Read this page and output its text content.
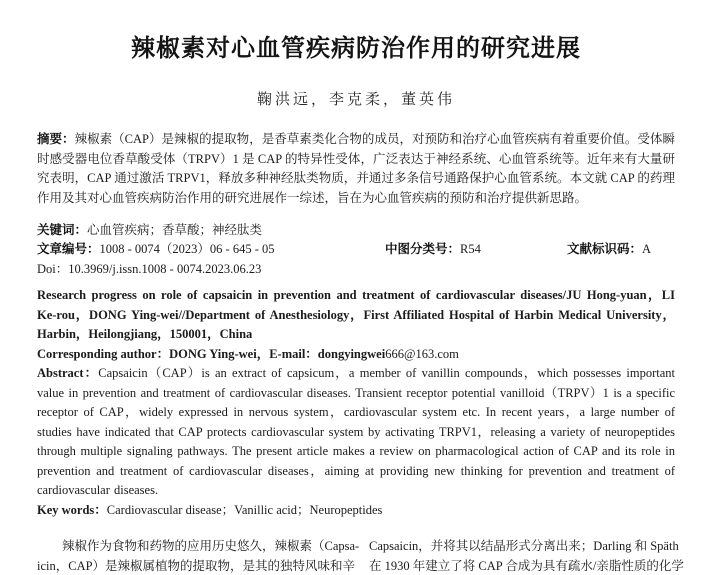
辣椒素对心血管疾病防治作用的研究进展
鞠洪远，李克柔，董英伟

摘要：辣椒素（CAP）是辣椒的提取物，是香草素类化合物的成员，对预防和治疗心血管疾病有着重要价值。受体瞬时感受器电位香草酸受体（TRPV）1 是 CAP 的特异性受体，广泛表达于神经系统、心血管系统等。近年来有大量研究表明，CAP 通过激活 TRPV1，释放多种神经肽类物质，并通过多条信号通路保护心血管系统。本文就 CAP 的药理作用及其对心血管疾病防治作用的研究进展作一综述，旨在为心血管疾病的预防和治疗提供新思路。

关键词：心血管疾病；香草酸；神经肽类
文章编号：1008 - 0074（2023）06 - 645 - 05	中图分类号：R54	文献标识码：A
Doi：10.3969/j.issn.1008 - 0074.2023.06.23
Research progress on role of capsaicin in prevention and treatment of cardiovascular diseases/JU Hong-yuan，LI Ke-rou，DONG Ying-wei//Department of Anesthesiology，First Affiliated Hospital of Harbin Medical University，Harbin，Heilongjiang，150001，China
Corresponding author：DONG Ying-wei，E-mail：dongyingwei666@163.com

Abstract：Capsaicin（CAP）is an extract of capsicum，a member of vanillin compounds，which possesses important value in prevention and treatment of cardiovascular diseases. Transient receptor potential vanilloid（TRPV）1 is a specific receptor of CAP，widely expressed in nervous system，cardiovascular system etc. In recent years，a large number of studies have indicated that CAP protects cardiovascular system by activating TRPV1，releasing a variety of neuropeptides through multiple signaling pathways. The present article makes a review on pharmacological action of CAP and its role in prevention and treatment of cardiovascular diseases，aiming at providing new thinking for prevention and treatment of cardiovascular diseases.

Key words：Cardiovascular disease；Vanillic acid；Neuropeptides
辣椒作为食物和药物的应用历史悠久，辣椒素（Capsa-
icin，CAP）是辣椒属植物的提取物，是其的独特风味和辛
Capsaicin，并将其以结晶形式分离出来；Darling 和 Späth
在 1930 年建立了将 CAP 合成为具有疏水/亲脂性质的化学
